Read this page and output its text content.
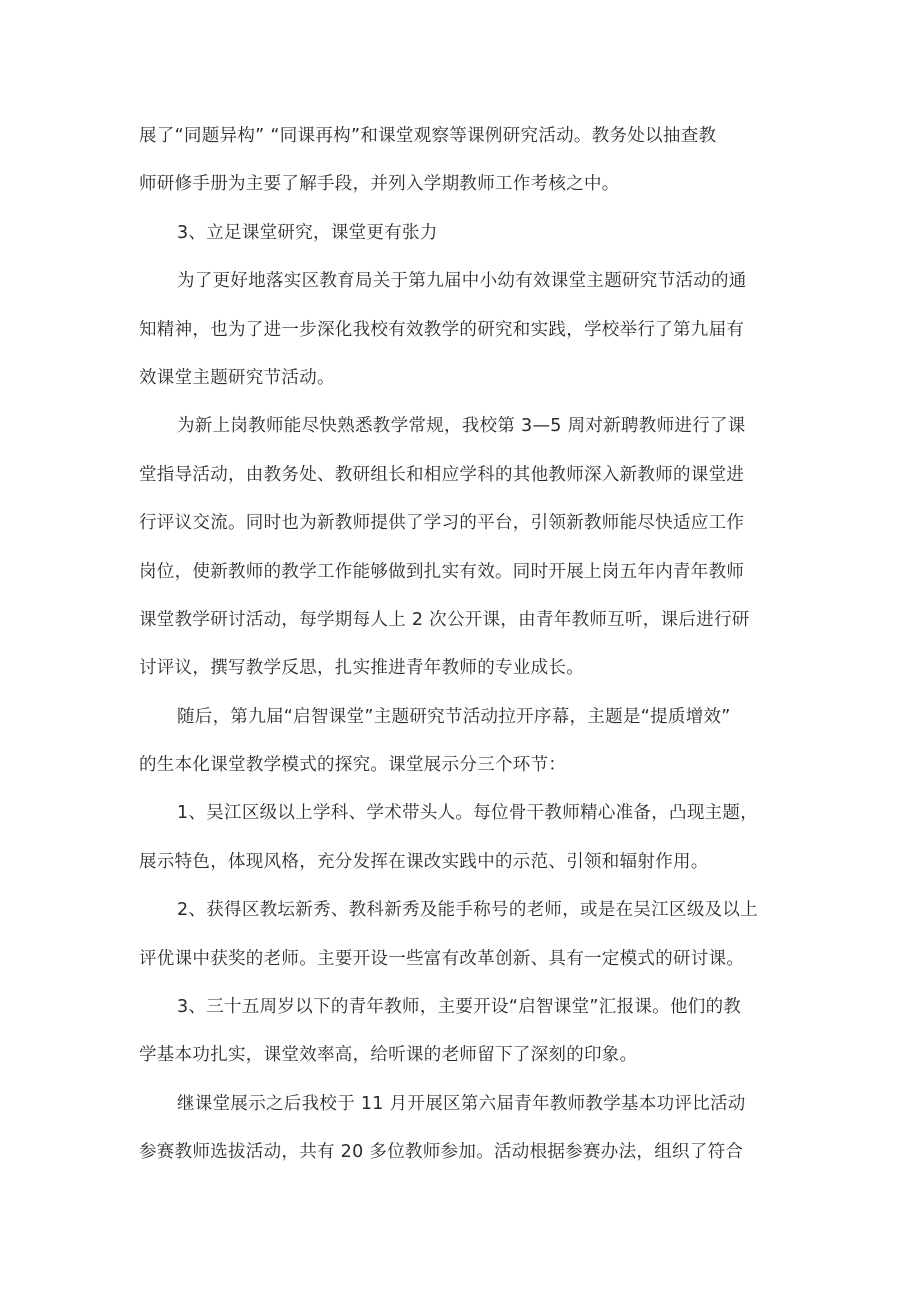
展了“同题异构” “同课再构”和课堂观察等课例研究活动。教务处以抽查教
师研修手册为主要了解手段，并列入学期教师工作考核之中。
3、立足课堂研究，课堂更有张力
为了更好地落实区教育局关于第九届中小幼有效课堂主题研究节活动的通
知精神，也为了进一步深化我校有效教学的研究和实践，学校举行了第九届有
效课堂主题研究节活动。
为新上岗教师能尽快熟悉教学常规，我校第 3—5 周对新聘教师进行了课
堂指导活动，由教务处、教研组长和相应学科的其他教师深入新教师的课堂进
行评议交流。同时也为新教师提供了学习的平台，引领新教师能尽快适应工作
岗位，使新教师的教学工作能够做到扎实有效。同时开展上岗五年内青年教师
课堂教学研讨活动，每学期每人上 2 次公开课，由青年教师互听，课后进行研
讨评议，撰写教学反思，扎实推进青年教师的专业成长。
随后，第九届“启智课堂”主题研究节活动拉开序幕，主题是“提质增效”
的生本化课堂教学模式的探究。课堂展示分三个环节：
1、吴江区级以上学科、学术带头人。每位骨干教师精心准备，凸现主题，
展示特色，体现风格，充分发挥在课改实践中的示范、引领和辐射作用。
2、获得区教坛新秀、教科新秀及能手称号的老师，或是在吴江区级及以上
评优课中获奖的老师。主要开设一些富有改革创新、具有一定模式的研讨课。
3、三十五周岁以下的青年教师，主要开设“启智课堂”汇报课。他们的教
学基本功扎实，课堂效率高，给听课的老师留下了深刻的印象。
继课堂展示之后我校于 11 月开展区第六届青年教师教学基本功评比活动
参赛教师选拔活动，共有 20 多位教师参加。活动根据参赛办法，组织了符合
